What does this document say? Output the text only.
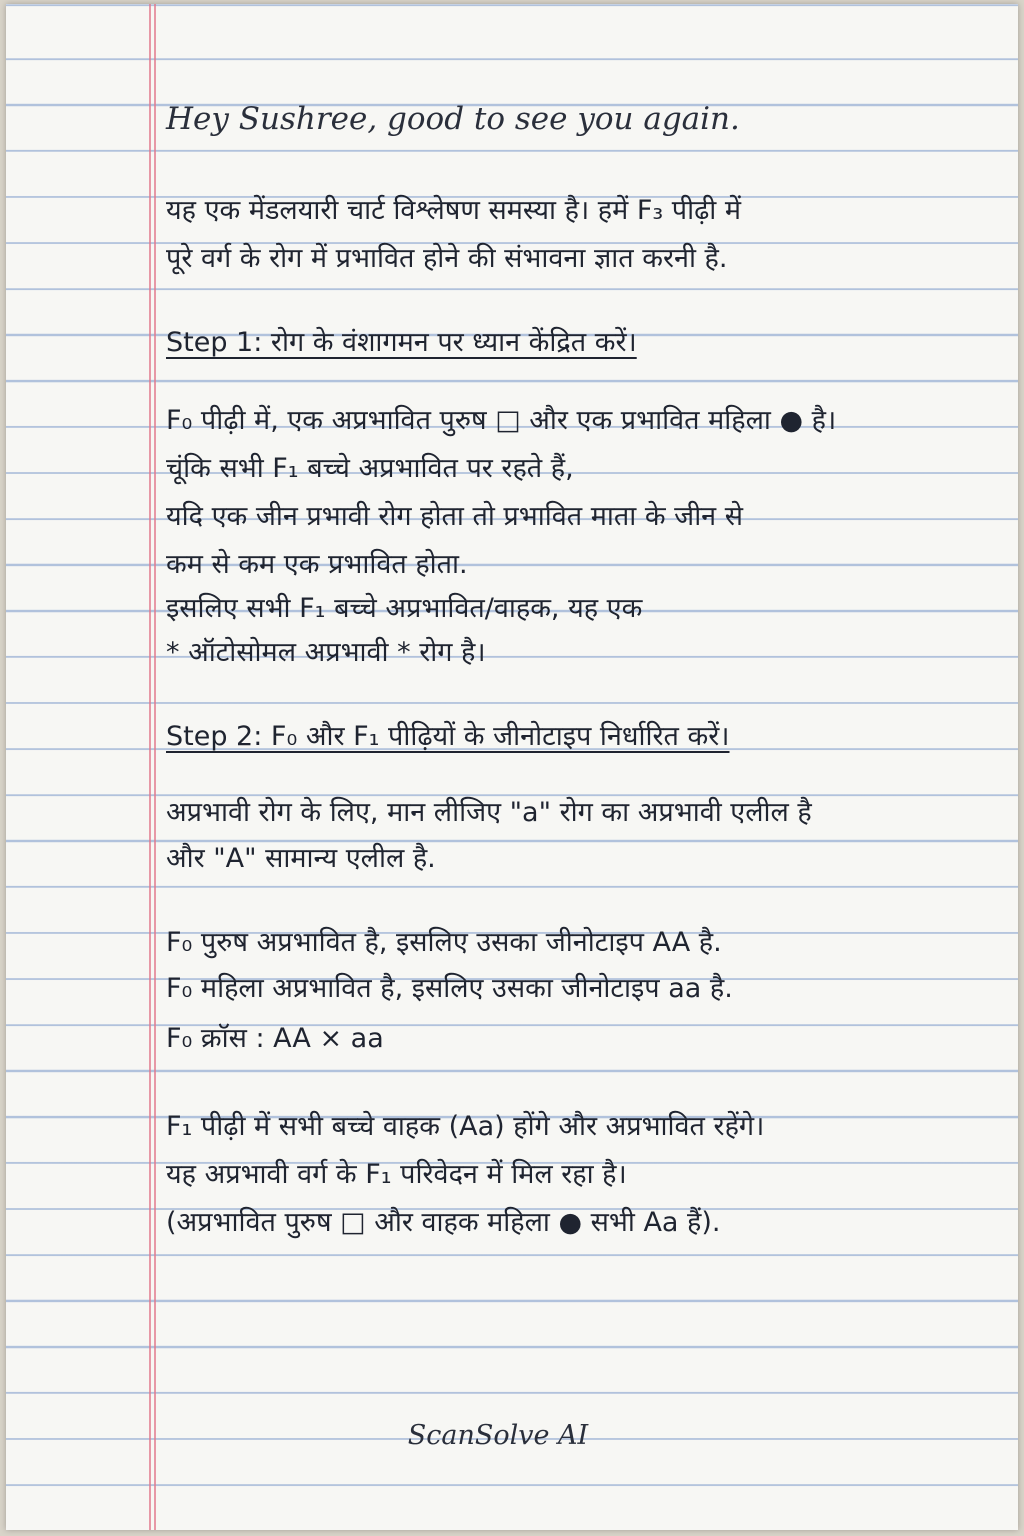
Hey Sushree, good to see you again.
यह एक मेंडलयारी चार्ट विश्लेषण समस्या है। हमें F₃ पीढ़ी में
पूरे वर्ग के रोग में प्रभावित होने की संभावना ज्ञात करनी है.
Step 1: रोग के वंशागमन पर ध्यान केंद्रित करें।
F₀ पीढ़ी में, एक अप्रभावित पुरुष □ और एक प्रभावित महिला ● है।
चूंकि सभी F₁ बच्चे अप्रभावित पर रहते हैं,
यदि एक जीन प्रभावी रोग होता तो प्रभावित माता के जीन से
कम से कम एक प्रभावित होता.
इसलिए सभी F₁ बच्चे अप्रभावित/वाहक, यह एक
* ऑटोसोमल अप्रभावी * रोग है।
Step 2: F₀ और F₁ पीढ़ियों के जीनोटाइप निर्धारित करें।
अप्रभावी रोग के लिए, मान लीजिए "a" रोग का अप्रभावी एलील है
और "A" सामान्य एलील है.
F₀ पुरुष अप्रभावित है, इसलिए उसका जीनोटाइप AA है.
F₀ महिला अप्रभावित है, इसलिए उसका जीनोटाइप aa है.
F₀ क्रॉस : AA × aa
F₁ पीढ़ी में सभी बच्चे वाहक (Aa) होंगे और अप्रभावित रहेंगे।
यह अप्रभावी वर्ग के F₁ परिवेदन में मिल रहा है।
(अप्रभावित पुरुष □ और वाहक महिला ● सभी Aa हैं).
ScanSolve AI
